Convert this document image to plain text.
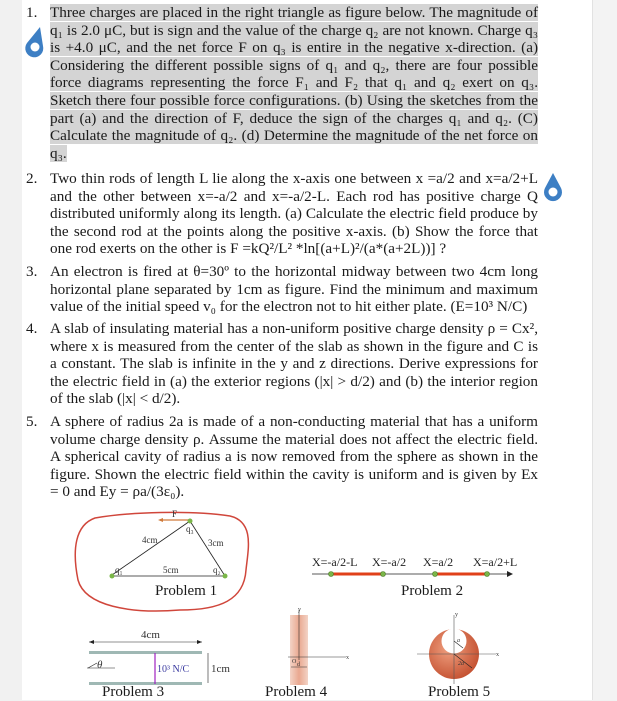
1. Three charges are placed in the right triangle as figure below. The magnitude of q₁ is 2.0 μC, but is sign and the value of the charge q₂ are not known. Charge q₃ is +4.0 μC, and the net force F on q₃ is entire in the negative x-direction. (a) Considering the different possible signs of q₁ and q₂, there are four possible force diagrams representing the force F₁ and F₂ that q₁ and q₂ exert on q₃. Sketch there four possible force configurations. (b) Using the sketches from the part (a) and the direction of F, deduce the sign of the charges q₁ and q₂. (C) Calculate the magnitude of q₂. (d) Determine the magnitude of the net force on q₃.
2. Two thin rods of length L lie along the x-axis one between x =a/2 and x=a/2+L and the other between x=-a/2 and x=-a/2-L. Each rod has positive charge Q distributed uniformly along its length. (a) Calculate the electric field produce by the second rod at the points along the positive x-axis. (b) Show the force that one rod exerts on the other is F =kQ²/L² *ln[(a+L)²/(a*(a+2L))] ?
3. An electron is fired at θ=30º to the horizontal midway between two 4cm long horizontal plane separated by 1cm as figure. Find the minimum and maximum value of the initial speed v₀ for the electron not to hit either plate. (E=10³ N/C)
4. A slab of insulating material has a non-uniform positive charge density ρ = Cx², where x is measured from the center of the slab as shown in the figure and C is a constant. The slab is infinite in the y and z directions. Derive expressions for the electric field in (a) the exterior regions (|x| > d/2) and (b) the interior region of the slab (|x| < d/2).
5. A sphere of radius 2a is made of a non-conducting material that has a uniform volume charge density ρ. Assume the material does not affect the electric field. A spherical cavity of radius a is now removed from the sphere as shown in the figure. Shown the electric field within the cavity is uniform and is given by Ex = 0 and Ey = ρa/(3ε₀).
F
q₃
q₁	q₂
4cm	3cm
5cm
Problem 1
X=-a/2-L X=-a/2 X=a/2 X=a/2+L
Problem 2
4cm
θ	10³ N/C 1cm
Problem 3
y
x
O d
Problem 4
y
x
a
2a
Problem 5
